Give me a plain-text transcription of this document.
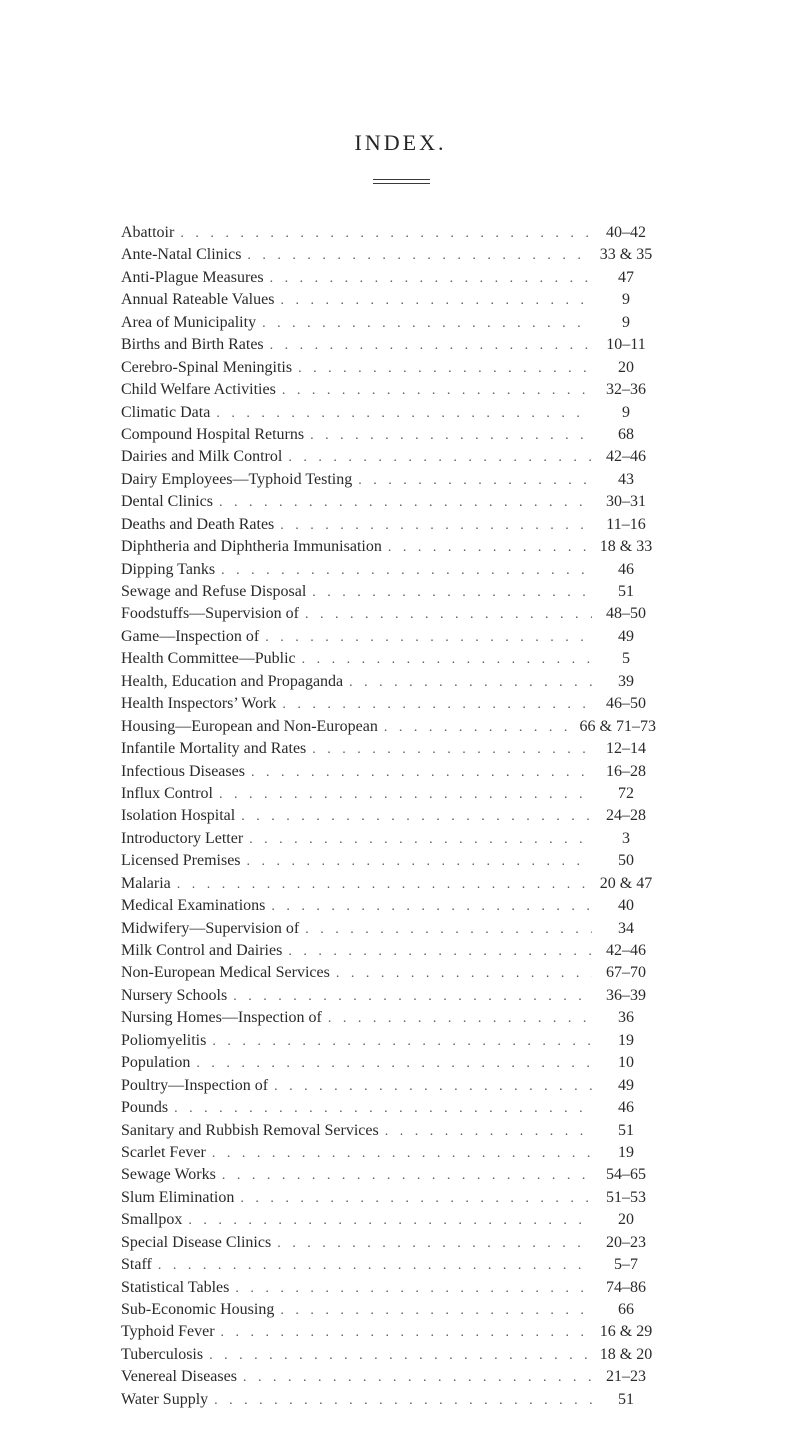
INDEX.
Abattoir . . .	40–42
Ante-Natal Clinics . . .	33 & 35
Anti-Plague Measures . . .	47
Annual Rateable Values . . .	9
Area of Municipality . . .	9
Births and Birth Rates . . .	10–11
Cerebro-Spinal Meningitis . . .	20
Child Welfare Activities . . .	32–36
Climatic Data . . .	9
Compound Hospital Returns . . .	68
Dairies and Milk Control . . .	42–46
Dairy Employees—Typhoid Testing . . .	43
Dental Clinics . . .	30–31
Deaths and Death Rates . . .	11–16
Diphtheria and Diphtheria Immunisation . . .	18 & 33
Dipping Tanks . . .	46
Sewage and Refuse Disposal . . .	51
Foodstuffs—Supervision of . . .	48–50
Game—Inspection of . . .	49
Health Committee—Public . . .	5
Health, Education and Propaganda . . .	39
Health Inspectors’ Work . . .	46–50
Housing—European and Non-European . . .	66 & 71–73
Infantile Mortality and Rates . . .	12–14
Infectious Diseases . . .	16–28
Influx Control . . .	72
Isolation Hospital . . .	24–28
Introductory Letter . . .	3
Licensed Premises . . .	50
Malaria . . .	20 & 47
Medical Examinations . . .	40
Midwifery—Supervision of . . .	34
Milk Control and Dairies . . .	42–46
Non-European Medical Services . . .	67–70
Nursery Schools . . .	36–39
Nursing Homes—Inspection of . . .	36
Poliomyelitis . . .	19
Population . . .	10
Poultry—Inspection of . . .	49
Pounds . . .	46
Sanitary and Rubbish Removal Services . . .	51
Scarlet Fever . . .	19
Sewage Works . . .	54–65
Slum Elimination . . .	51–53
Smallpox . . .	20
Special Disease Clinics . . .	20–23
Staff . . .	5–7
Statistical Tables . . .	74–86
Sub-Economic Housing . . .	66
Typhoid Fever . . .	16 & 29
Tuberculosis . . .	18 & 20
Venereal Diseases . . .	21–23
Water Supply . . .	51
